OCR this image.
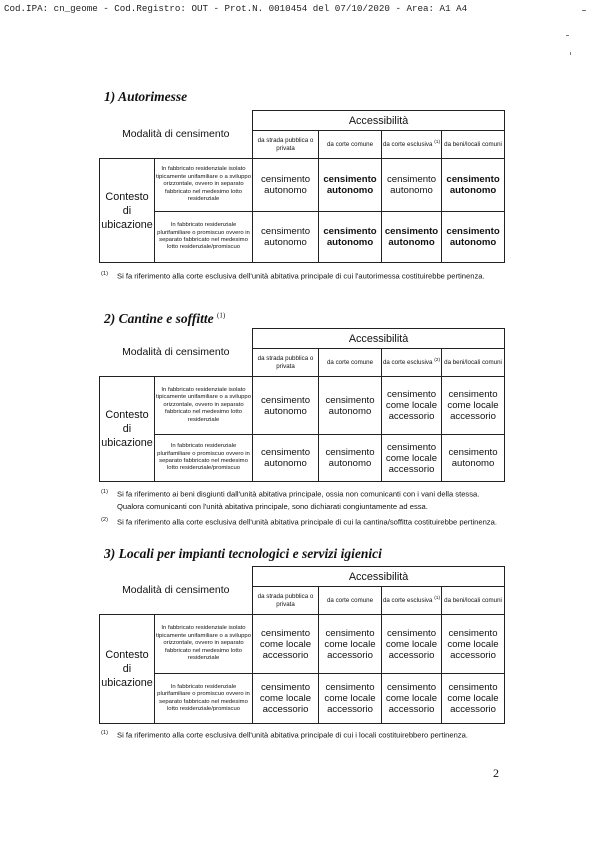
Cod.IPA: cn_geome - Cod.Registro: OUT - Prot.N. 0010454 del 07/10/2020 - Area: A1 A4
1) Autorimesse
Modalità di censimento		Accessibilità			
		da strada pubblica o privata	da corte comune	da corte esclusiva $^{(1)}$	da beni/locali comuni

Contesto
di
ubicazione	In fabbricato residenziale isolato tipicamente unifamiliare o a sviluppo orizzontale, ovvero in separato fabbricato nel medesimo lotto residenziale	censimento autonomo	censimento autonomo	censimento autonomo	censimento autonomo
	In fabbricato residenziale plurifamiliare o promiscuo ovvero in separato fabbricato nel medesimo lotto residenziale/promiscuo	censimento autonomo	censimento autonomo	censimento autonomo	censimento autonomo
$^{(1)}$ Si fa riferimento alla corte esclusiva dell'unità abitativa principale di cui l'autorimessa costituirebbe pertinenza.
2) Cantine e soffitte $^{(1)}$
Modalità di censimento		Accessibilità			
		da strada pubblica o privata	da corte comune	da corte esclusiva $^{(2)}$	da beni/locali comuni

Contesto
di
ubicazione	In fabbricato residenziale isolato tipicamente unifamiliare o a sviluppo orizzontale, ovvero in separato fabbricato nel medesimo lotto residenziale	censimento autonomo	censimento autonomo	censimento come locale accessorio	censimento come locale accessorio
	In fabbricato residenziale plurifamiliare o promiscuo ovvero in separato fabbricato nel medesimo lotto residenziale/promiscuo	censimento autonomo	censimento autonomo	censimento come locale accessorio	censimento autonomo
$^{(1)}$ Si fa riferimento ai beni disgiunti dall'unità abitativa principale, ossia non comunicanti con i vani della stessa.
Qualora comunicanti con l'unità abitativa principale, sono dichiarati congiuntamente ad essa.
$^{(2)}$ Si fa riferimento alla corte esclusiva dell'unità abitativa principale di cui la cantina/soffitta costituirebbe pertinenza.
3) Locali per impianti tecnologici e servizi igienici
Modalità di censimento		Accessibilità			
		da strada pubblica o privata	da corte comune	da corte esclusiva $^{(1)}$	da beni/locali comuni

Contesto
di
ubicazione	In fabbricato residenziale isolato tipicamente unifamiliare o a sviluppo orizzontale, ovvero in separato fabbricato nel medesimo lotto residenziale	censimento come locale accessorio	censimento come locale accessorio	censimento come locale accessorio	censimento come locale accessorio
	In fabbricato residenziale plurifamiliare o promiscuo ovvero in separato fabbricato nel medesimo lotto residenziale/promiscuo	censimento come locale accessorio	censimento come locale accessorio	censimento come locale accessorio	censimento come locale accessorio
$^{(1)}$ Si fa riferimento alla corte esclusiva dell'unità abitativa principale di cui i locali costituirebbero pertinenza.
2
